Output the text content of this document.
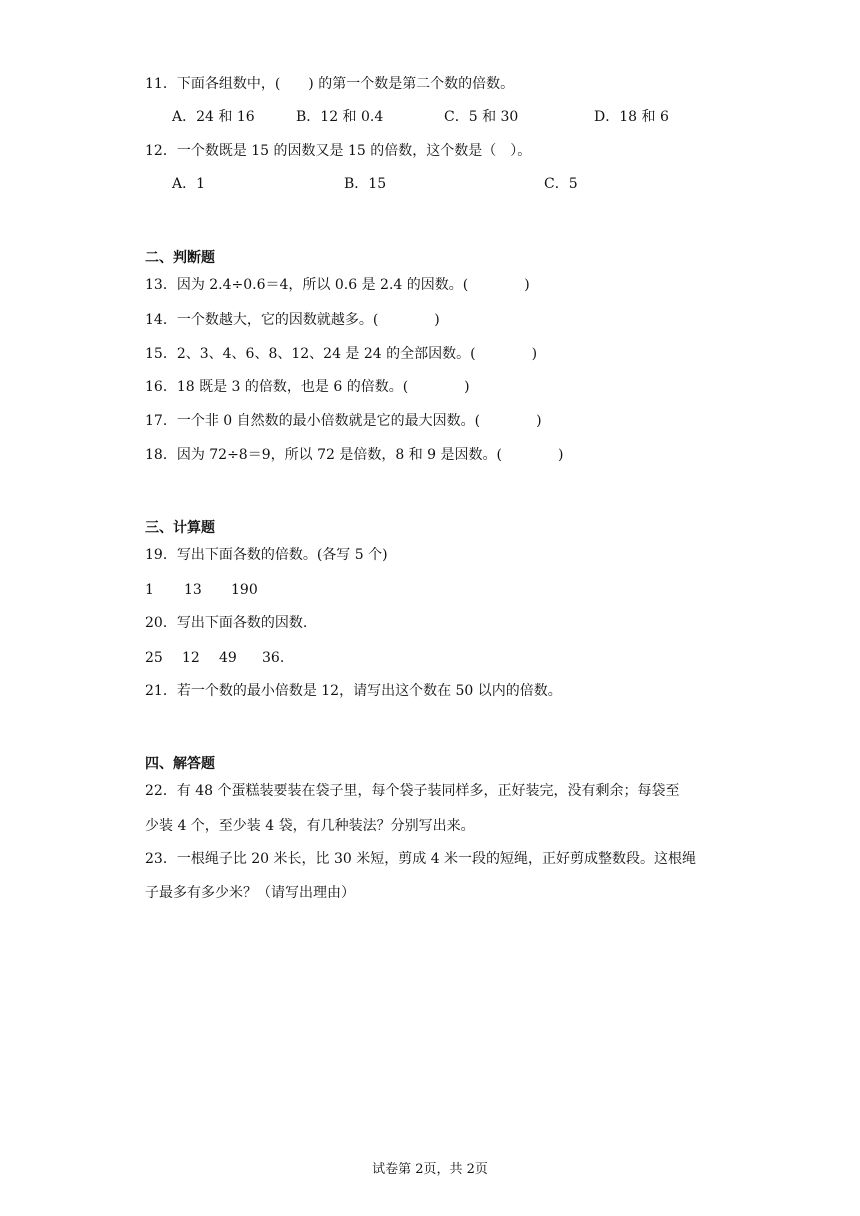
11．下面各组数中，(　　) 的第一个数是第二个数的倍数。
A．24 和 16	B．12 和 0.4	C．5 和 30	D．18 和 6
12．一个数既是 15 的因数又是 15 的倍数，这个数是（　）。
A．1	B．15	C．5
二、判断题
13．因为 2.4÷0.6＝4，所以 0.6 是 2.4 的因数。(　　　　)
14．一个数越大，它的因数就越多。(　　　　)
15．2、3、4、6、8、12、24 是 24 的全部因数。(　　　　)
16．18 既是 3 的倍数，也是 6 的倍数。(　　　　)
17．一个非 0 自然数的最小倍数就是它的最大因数。(　　　　)
18．因为 72÷8＝9，所以 72 是倍数，8 和 9 是因数。(　　　　)
三、计算题
19．写出下面各数的倍数。(各写 5 个)
1 13 190
20．写出下面各数的因数.
25 12 49 36.
21．若一个数的最小倍数是 12，请写出这个数在 50 以内的倍数。
四、解答题
22．有 48 个蛋糕装要装在袋子里，每个袋子装同样多，正好装完，没有剩余；每袋至
少装 4 个，至少装 4 袋，有几种装法？分别写出来。
23．一根绳子比 20 米长，比 30 米短，剪成 4 米一段的短绳，正好剪成整数段。这根绳
子最多有多少米？（请写出理由）
试卷第 2页，共 2页
